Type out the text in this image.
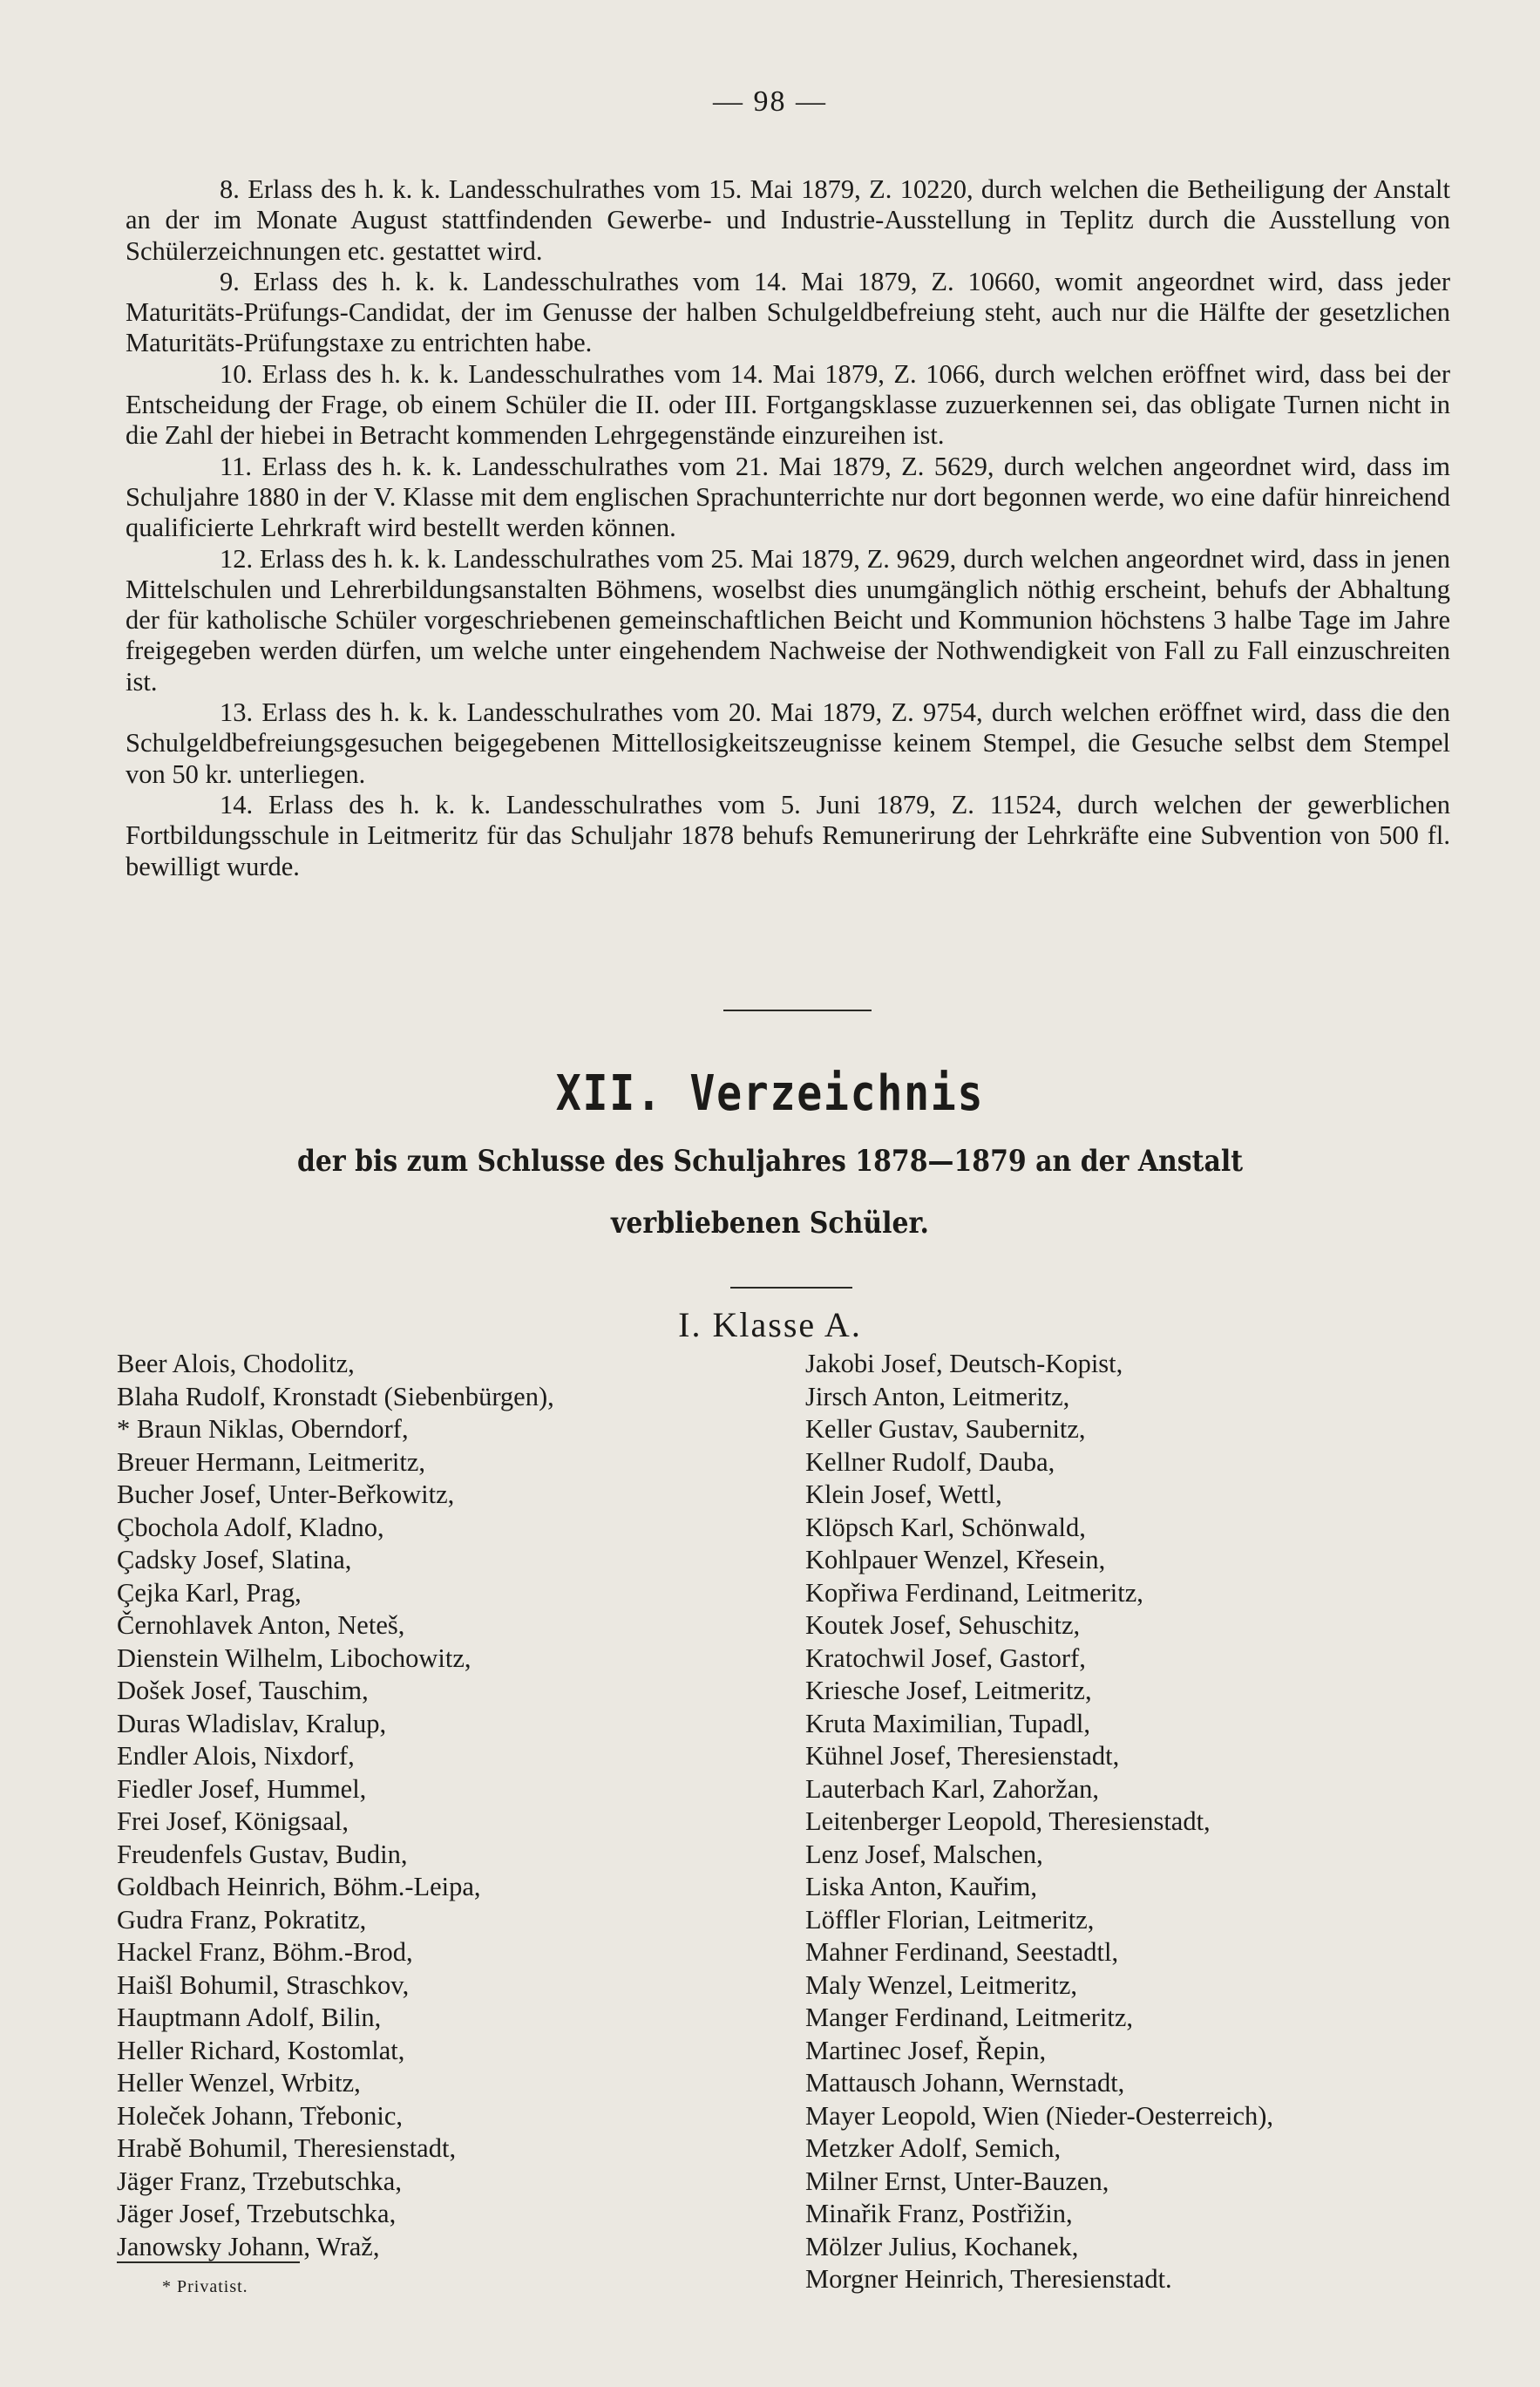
— 98 —

8. Erlass des h. k. k. Landesschulrathes vom 15. Mai 1879, Z. 10220, durch welchen die Betheiligung der Anstalt an der im Monate August stattfindenden Gewerbe- und Industrie-Ausstellung in Teplitz durch die Ausstellung von Schülerzeichnungen etc. gestattet wird.

9. Erlass des h. k. k. Landesschulrathes vom 14. Mai 1879, Z. 10660, womit angeordnet wird, dass jeder Maturitäts-Prüfungs-Candidat, der im Genusse der halben Schulgeldbefreiung steht, auch nur die Hälfte der gesetzlichen Maturitäts-Prüfungstaxe zu entrichten habe.

10. Erlass des h. k. k. Landesschulrathes vom 14. Mai 1879, Z. 1066, durch welchen eröffnet wird, dass bei der Entscheidung der Frage, ob einem Schüler die II. oder III. Fortgangsklasse zuzuerkennen sei, das obligate Turnen nicht in die Zahl der hiebei in Betracht kommenden Lehrgegenstände einzureihen ist.

11. Erlass des h. k. k. Landesschulrathes vom 21. Mai 1879, Z. 5629, durch welchen angeordnet wird, dass im Schuljahre 1880 in der V. Klasse mit dem englischen Sprachunterrichte nur dort begonnen werde, wo eine dafür hinreichend qualificierte Lehrkraft wird bestellt werden können.

12. Erlass des h. k. k. Landesschulrathes vom 25. Mai 1879, Z. 9629, durch welchen angeordnet wird, dass in jenen Mittelschulen und Lehrerbildungsanstalten Böhmens, woselbst dies unumgänglich nöthig erscheint, behufs der Abhaltung der für katholische Schüler vorgeschriebenen gemeinschaftlichen Beicht und Kommunion höchstens 3 halbe Tage im Jahre freigegeben werden dürfen, um welche unter eingehendem Nachweise der Nothwendigkeit von Fall zu Fall einzuschreiten ist.

13. Erlass des h. k. k. Landesschulrathes vom 20. Mai 1879, Z. 9754, durch welchen eröffnet wird, dass die den Schulgeldbefreiungsgesuchen beigegebenen Mittellosigkeitszeugnisse keinem Stempel, die Gesuche selbst dem Stempel von 50 kr. unterliegen.

14. Erlass des h. k. k. Landesschulrathes vom 5. Juni 1879, Z. 11524, durch welchen der gewerblichen Fortbildungsschule in Leitmeritz für das Schuljahr 1878 behufs Remunerirung der Lehrkräfte eine Subvention von 500 fl. bewilligt wurde.

XII. Verzeichnis
der bis zum Schlusse des Schuljahres 1878—1879 an der Anstalt
verbliebenen Schüler.
I. Klasse A.
Beer Alois, Chodolitz,
Blaha Rudolf, Kronstadt (Siebenbürgen),
* Braun Niklas, Oberndorf,
Breuer Hermann, Leitmeritz,
Bucher Josef, Unter-Beřkowitz,
Çbochola Adolf, Kladno,
Çadsky Josef, Slatina,
Çejka Karl, Prag,
Černohlavek Anton, Neteš,
Dienstein Wilhelm, Libochowitz,
Došek Josef, Tauschim,
Duras Wladislav, Kralup,
Endler Alois, Nixdorf,
Fiedler Josef, Hummel,
Frei Josef, Königsaal,
Freudenfels Gustav, Budin,
Goldbach Heinrich, Böhm.-Leipa,
Gudra Franz, Pokratitz,
Hackel Franz, Böhm.-Brod,
Haišl Bohumil, Straschkov,
Hauptmann Adolf, Bilin,
Heller Richard, Kostomlat,
Heller Wenzel, Wrbitz,
Holeček Johann, Třebonic,
Hrabě Bohumil, Theresienstadt,
Jäger Franz, Trzebutschka,
Jäger Josef, Trzebutschka,
Janowsky Johann, Wraž,
Jakobi Josef, Deutsch-Kopist,
Jirsch Anton, Leitmeritz,
Keller Gustav, Saubernitz,
Kellner Rudolf, Dauba,
Klein Josef, Wettl,
Klöpsch Karl, Schönwald,
Kohlpauer Wenzel, Křesein,
Kopřiwa Ferdinand, Leitmeritz,
Koutek Josef, Sehuschitz,
Kratochwil Josef, Gastorf,
Kriesche Josef, Leitmeritz,
Kruta Maximilian, Tupadl,
Kühnel Josef, Theresienstadt,
Lauterbach Karl, Zahoržan,
Leitenberger Leopold, Theresienstadt,
Lenz Josef, Malschen,
Liska Anton, Kauřim,
Löffler Florian, Leitmeritz,
Mahner Ferdinand, Seestadtl,
Maly Wenzel, Leitmeritz,
Manger Ferdinand, Leitmeritz,
Martinec Josef, Řepin,
Mattausch Johann, Wernstadt,
Mayer Leopold, Wien (Nieder-Oesterreich),
Metzker Adolf, Semich,
Milner Ernst, Unter-Bauzen,
Minařik Franz, Postřižin,
Mölzer Julius, Kochanek,
Morgner Heinrich, Theresienstadt.
* Privatist.
